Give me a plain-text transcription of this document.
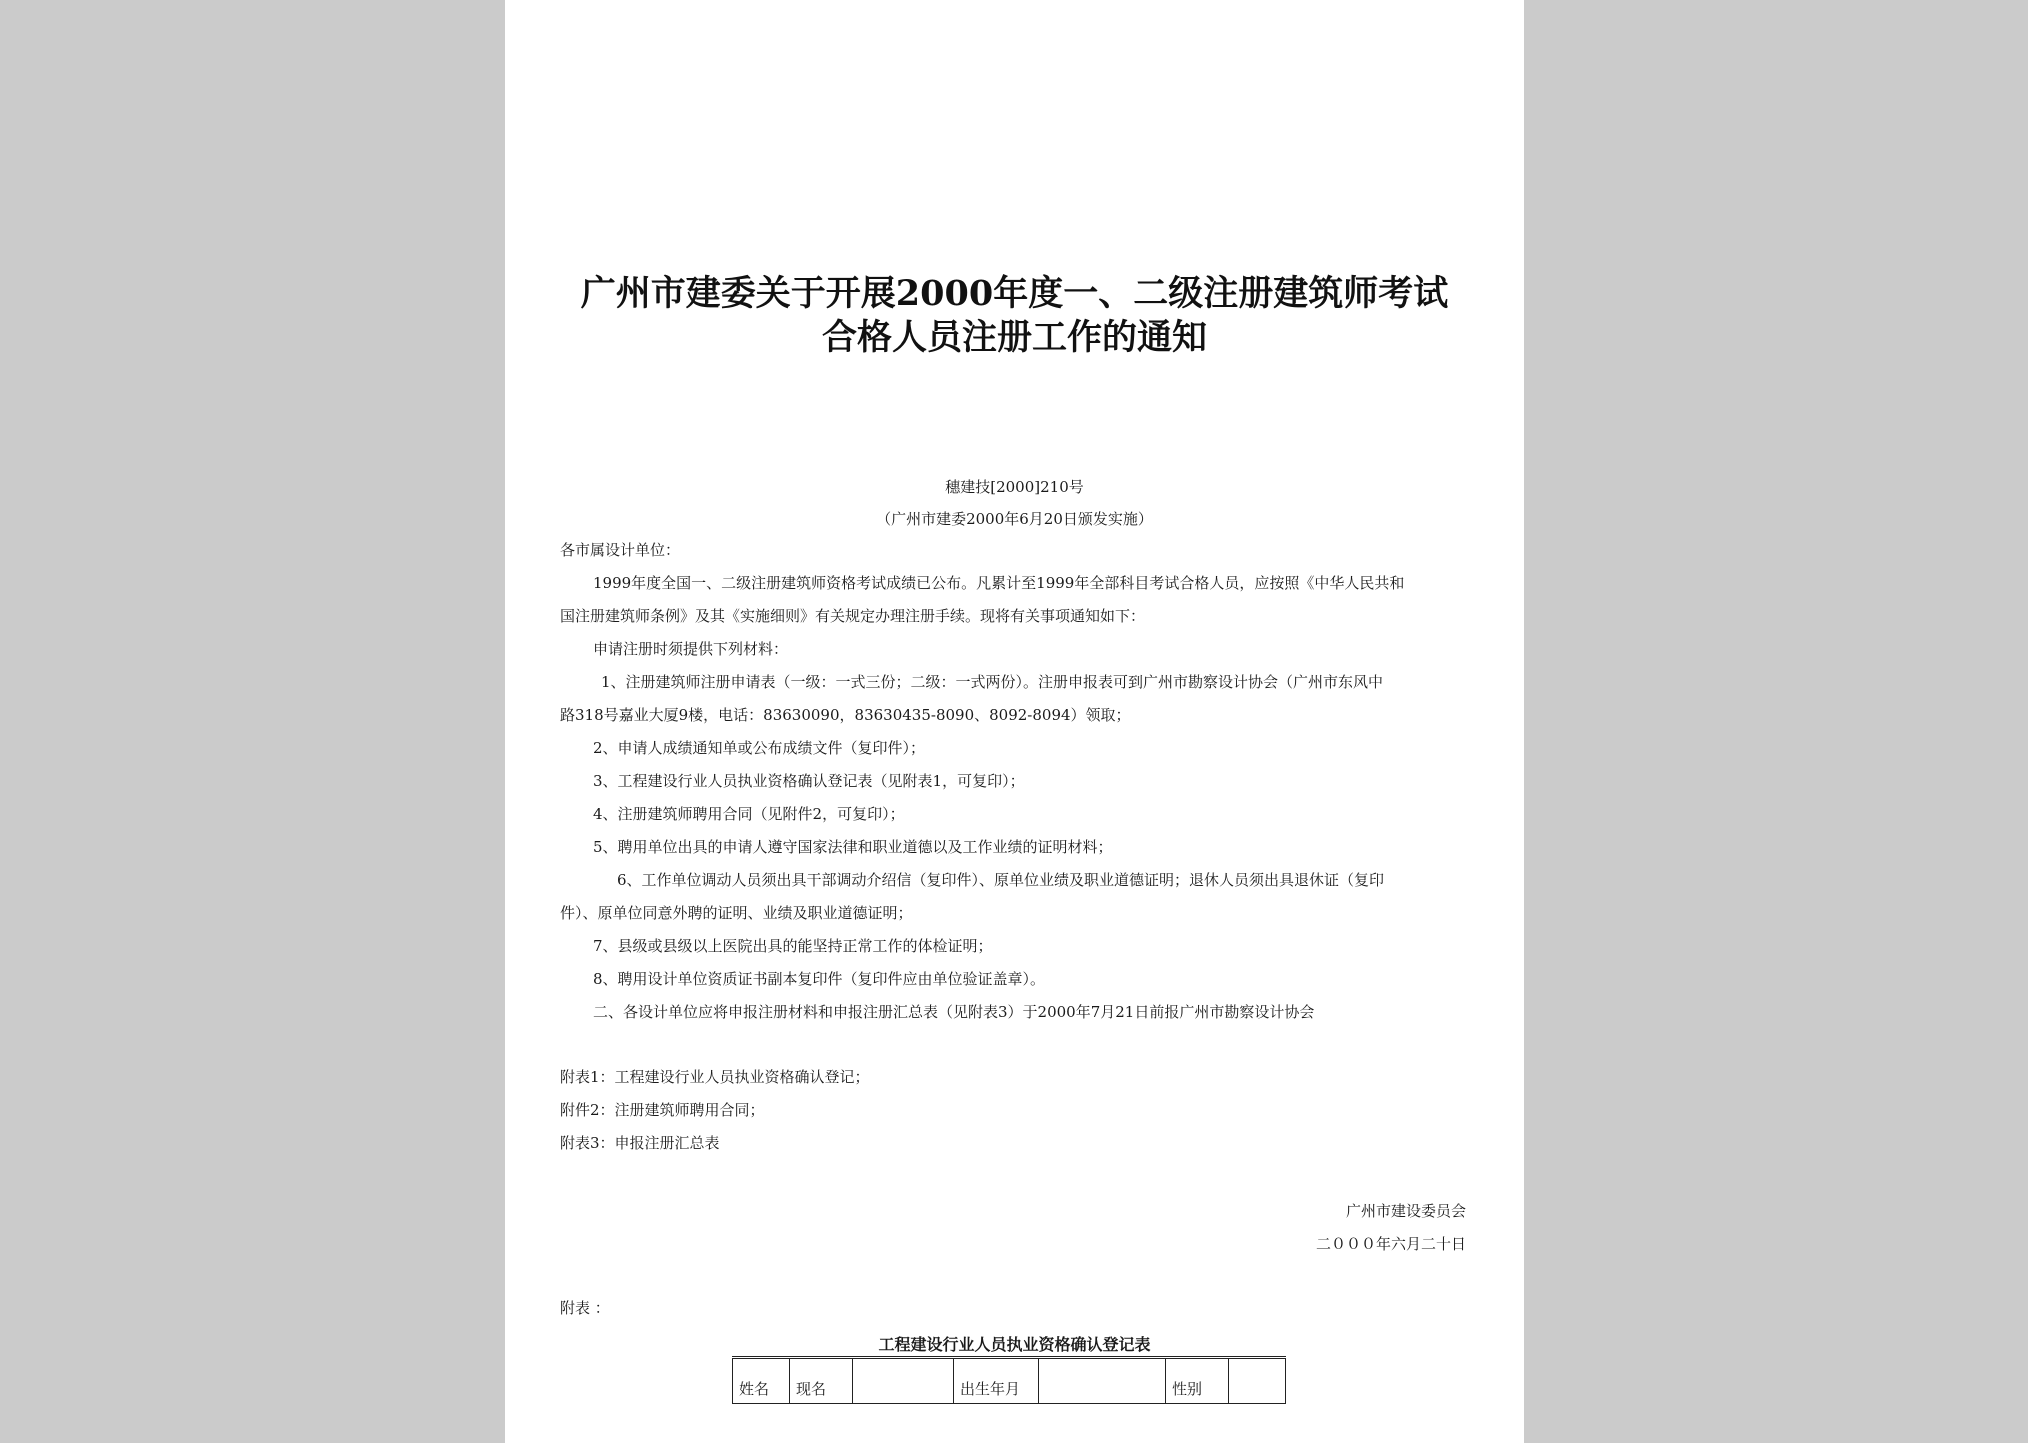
广州市建委关于开展2000年度一、二级注册建筑师考试
合格人员注册工作的通知
穗建技[2000]210号
（广州市建委2000年6月20日颁发实施）
各市属设计单位：
1999年度全国一、二级注册建筑师资格考试成绩已公布。凡累计至1999年全部科目考试合格人员，应按照《中华人民共和
国注册建筑师条例》及其《实施细则》有关规定办理注册手续。现将有关事项通知如下：
申请注册时须提供下列材料：
1、注册建筑师注册申请表（一级：一式三份；二级：一式两份）。注册申报表可到广州市勘察设计协会（广州市东风中
路318号嘉业大厦9楼，电话：83630090，83630435-8090、8092-8094）领取；
2、申请人成绩通知单或公布成绩文件（复印件）；
3、工程建设行业人员执业资格确认登记表（见附表1，可复印）；
4、注册建筑师聘用合同（见附件2，可复印）；
5、聘用单位出具的申请人遵守国家法律和职业道德以及工作业绩的证明材料；
6、工作单位调动人员须出具干部调动介绍信（复印件）、原单位业绩及职业道德证明；退休人员须出具退休证（复印
件）、原单位同意外聘的证明、业绩及职业道德证明；
7、县级或县级以上医院出具的能坚持正常工作的体检证明；
8、聘用设计单位资质证书副本复印件（复印件应由单位验证盖章）。
二、各设计单位应将申报注册材料和申报注册汇总表（见附表3）于2000年7月21日前报广州市勘察设计协会
附表1：工程建设行业人员执业资格确认登记；
附件2：注册建筑师聘用合同；
附表3：申报注册汇总表
广州市建设委员会
二０００年六月二十日
附表 ：
工程建设行业人员执业资格确认登记表
姓名	现名		出生年月		性别	
